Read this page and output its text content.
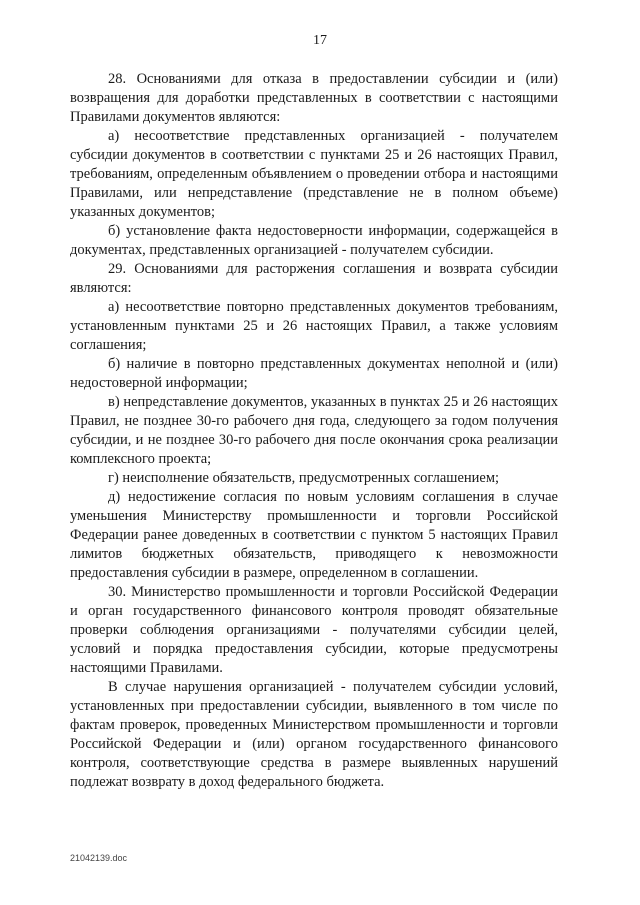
17

28. Основаниями для отказа в предоставлении субсидии и (или) возвращения для доработки представленных в соответствии с настоящими Правилами документов являются:

а) несоответствие представленных организацией - получателем субсидии документов в соответствии с пунктами 25 и 26 настоящих Правил, требованиям, определенным объявлением о проведении отбора и настоящими Правилами, или непредставление (представление не в полном объеме) указанных документов;

б) установление факта недостоверности информации, содержащейся в документах, представленных организацией - получателем субсидии.

29. Основаниями для расторжения соглашения и возврата субсидии являются:

а) несоответствие повторно представленных документов требованиям, установленным пунктами 25 и 26 настоящих Правил, а также условиям соглашения;

б) наличие в повторно представленных документах неполной и (или) недостоверной информации;

в) непредставление документов, указанных в пунктах 25 и 26 настоящих Правил, не позднее 30-го рабочего дня года, следующего за годом получения субсидии, и не позднее 30-го рабочего дня после окончания срока реализации комплексного проекта;

г) неисполнение обязательств, предусмотренных соглашением;

д) недостижение согласия по новым условиям соглашения в случае уменьшения Министерству промышленности и торговли Российской Федерации ранее доведенных в соответствии с пунктом 5 настоящих Правил лимитов бюджетных обязательств, приводящего к невозможности предоставления субсидии в размере, определенном в соглашении.

30. Министерство промышленности и торговли Российской Федерации и орган государственного финансового контроля проводят обязательные проверки соблюдения организациями - получателями субсидии целей, условий и порядка предоставления субсидии, которые предусмотрены настоящими Правилами.

В случае нарушения организацией - получателем субсидии условий, установленных при предоставлении субсидии, выявленного в том числе по фактам проверок, проведенных Министерством промышленности и торговли Российской Федерации и (или) органом государственного финансового контроля, соответствующие средства в размере выявленных нарушений подлежат возврату в доход федерального бюджета.

21042139.doc
